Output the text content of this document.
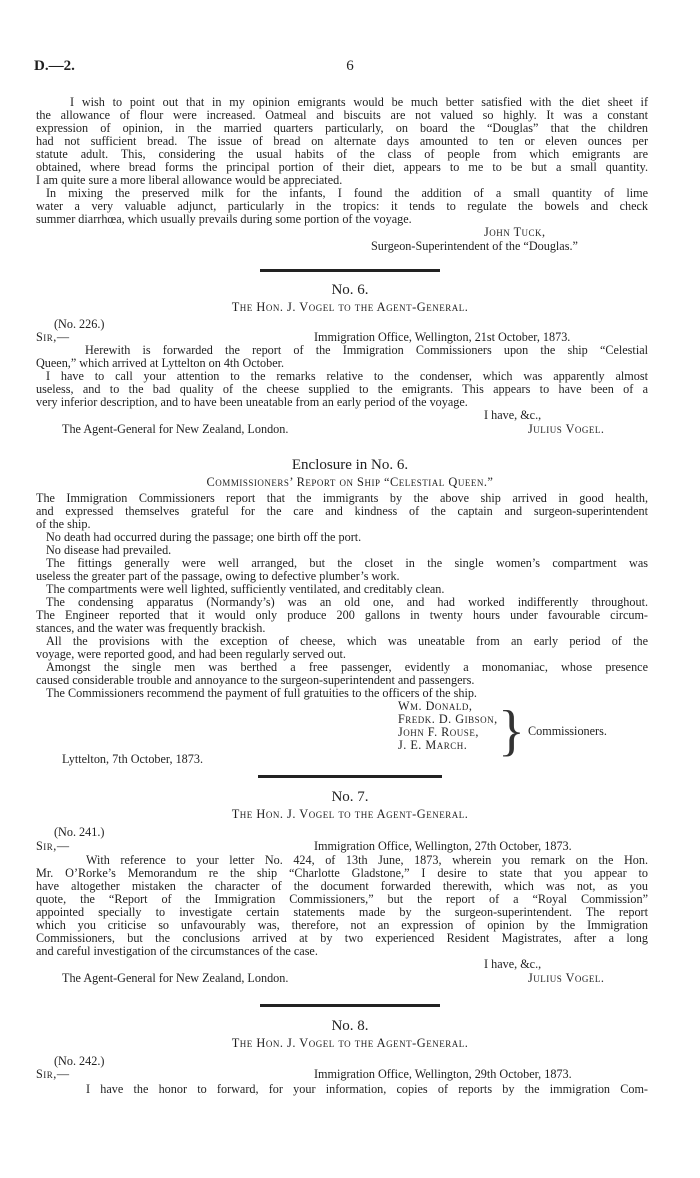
D.—2.	6
I wish to point out that in my opinion emigrants would be much better satisfied with the diet sheet if
the allowance of flour were increased. Oatmeal and biscuits are not valued so highly. It was a constant
expression of opinion, in the married quarters particularly, on board the “Douglas” that the children
had not sufficient bread. The issue of bread on alternate days amounted to ten or eleven ounces per
statute adult. This, considering the usual habits of the class of people from which emigrants are
obtained, where bread forms the principal portion of their diet, appears to me to be but a small quantity.
I am quite sure a more liberal allowance would be appreciated.
In mixing the preserved milk for the infants, I found the addition of a small quantity of lime
water a very valuable adjunct, particularly in the tropics: it tends to regulate the bowels and check
summer diarrhœa, which usually prevails during some portion of the voyage.
John Tuck,
Surgeon-Superintendent of the “Douglas.”
No. 6.
The Hon. J. Vogel to the Agent-General.
(No. 226.)
Sir,—	Immigration Office, Wellington, 21st October, 1873.
Herewith is forwarded the report of the Immigration Commissioners upon the ship “Celestial
Queen,” which arrived at Lyttelton on 4th October.
I have to call your attention to the remarks relative to the condenser, which was apparently almost
useless, and to the bad quality of the cheese supplied to the emigrants. This appears to have been of a
very inferior description, and to have been uneatable from an early period of the voyage.
I have, &c.,
The Agent-General for New Zealand, London.	Julius Vogel.
Enclosure in No. 6.
Commissioners’ Report on Ship “Celestial Queen.”
The Immigration Commissioners report that the immigrants by the above ship arrived in good health,
and expressed themselves grateful for the care and kindness of the captain and surgeon-superintendent
of the ship.
No death had occurred during the passage; one birth off the port.
No disease had prevailed.
The fittings generally were well arranged, but the closet in the single women’s compartment was
useless the greater part of the passage, owing to defective plumber’s work.
The compartments were well lighted, sufficiently ventilated, and creditably clean.
The condensing apparatus (Normandy’s) was an old one, and had worked indifferently throughout.
The Engineer reported that it would only produce 200 gallons in twenty hours under favourable circum-
stances, and the water was frequently brackish.
All the provisions with the exception of cheese, which was uneatable from an early period of the
voyage, were reported good, and had been regularly served out.
Amongst the single men was berthed a free passenger, evidently a monomaniac, whose presence
caused considerable trouble and annoyance to the surgeon-superintendent and passengers.
The Commissioners recommend the payment of full gratuities to the officers of the ship.
Wm. Donald,
Fredk. D. Gibson,
John F. Rouse,
J. E. March. } Commissioners.
Lyttelton, 7th October, 1873.
No. 7.
The Hon. J. Vogel to the Agent-General.
(No. 241.)
Sir,—	Immigration Office, Wellington, 27th October, 1873.
With reference to your letter No. 424, of 13th June, 1873, wherein you remark on the Hon.
Mr. O’Rorke’s Memorandum re the ship “Charlotte Gladstone,” I desire to state that you appear to
have altogether mistaken the character of the document forwarded therewith, which was not, as you
quote, the “Report of the Immigration Commissioners,” but the report of a “Royal Commission”
appointed specially to investigate certain statements made by the surgeon-superintendent. The report
which you criticise so unfavourably was, therefore, not an expression of opinion by the Immigration
Commissioners, but the conclusions arrived at by two experienced Resident Magistrates, after a long
and careful investigation of the circumstances of the case.
I have, &c.,
The Agent-General for New Zealand, London.	Julius Vogel.
No. 8.
The Hon. J. Vogel to the Agent-General.
(No. 242.)
Sir,—	Immigration Office, Wellington, 29th October, 1873.
I have the honor to forward, for your information, copies of reports by the immigration Com-
